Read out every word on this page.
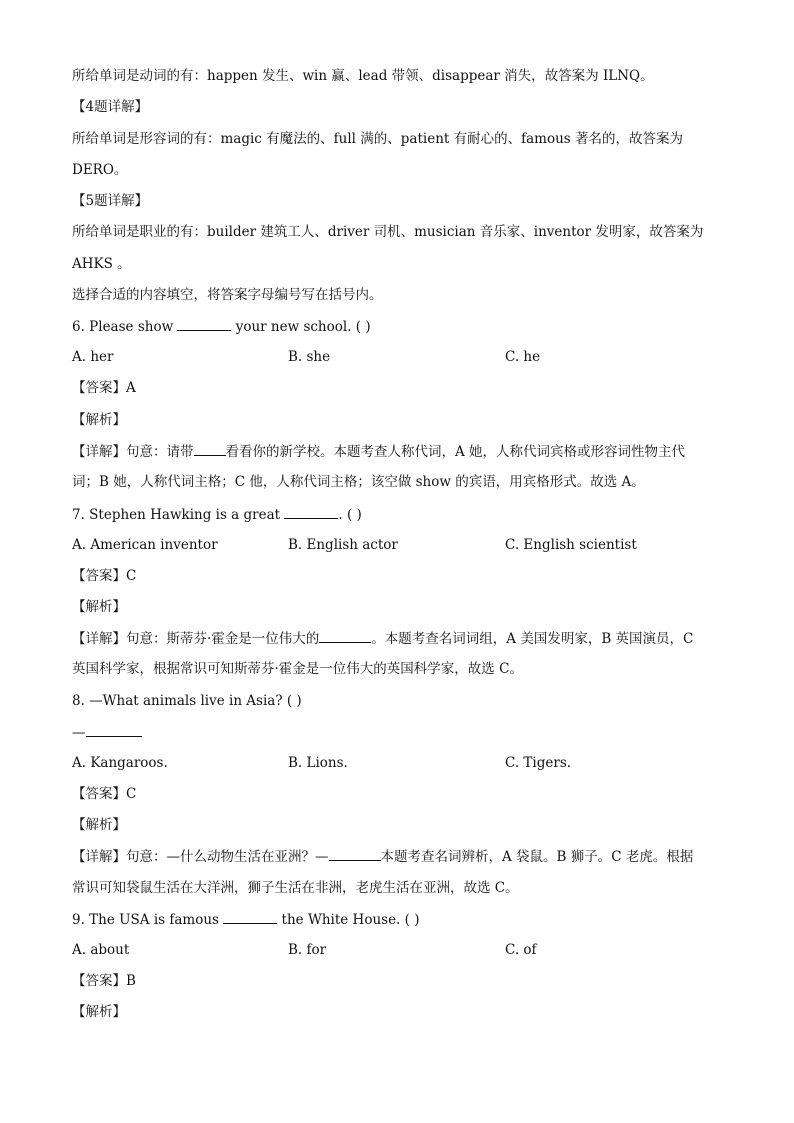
所给单词是动词的有：happen 发生、win 赢、lead 带领、disappear 消失，故答案为 ILNQ。
【4题详解】
所给单词是形容词的有：magic 有魔法的、full 满的、patient 有耐心的、famous 著名的，故答案为
DERO。
【5题详解】
所给单词是职业的有：builder 建筑工人、driver 司机、musician 音乐家、inventor 发明家，故答案为
AHKS 。
选择合适的内容填空，将答案字母编号写在括号内。
6. Please show	your new school. ( )
A. her	B. she	C. he
【答案】A
【解析】
【详解】句意：请带 看看你的新学校。本题考查人称代词，A 她，人称代词宾格或形容词性物主代
词；B 她，人称代词主格；C 他，人称代词主格；该空做 show 的宾语，用宾格形式。故选 A。
7. Stephen Hawking is a great	. ( )
A. American inventor	B. English actor	C. English scientist
【答案】C
【解析】
【详解】句意：斯蒂芬·霍金是一位伟大的	。本题考查名词词组，A 美国发明家，B 英国演员，C
英国科学家，根据常识可知斯蒂芬·霍金是一位伟大的英国科学家，故选 C。
8. —What animals live in Asia? ( )
—
A. Kangaroos.	B. Lions.	C. Tigers.
【答案】C
【解析】
【详解】句意：—什么动物生活在亚洲？—	本题考查名词辨析，A 袋鼠。B 狮子。C 老虎。根据
常识可知袋鼠生活在大洋洲，狮子生活在非洲，老虎生活在亚洲，故选 C。
9. The USA is famous	the White House. ( )
A. about	B. for	C. of
【答案】B
【解析】
